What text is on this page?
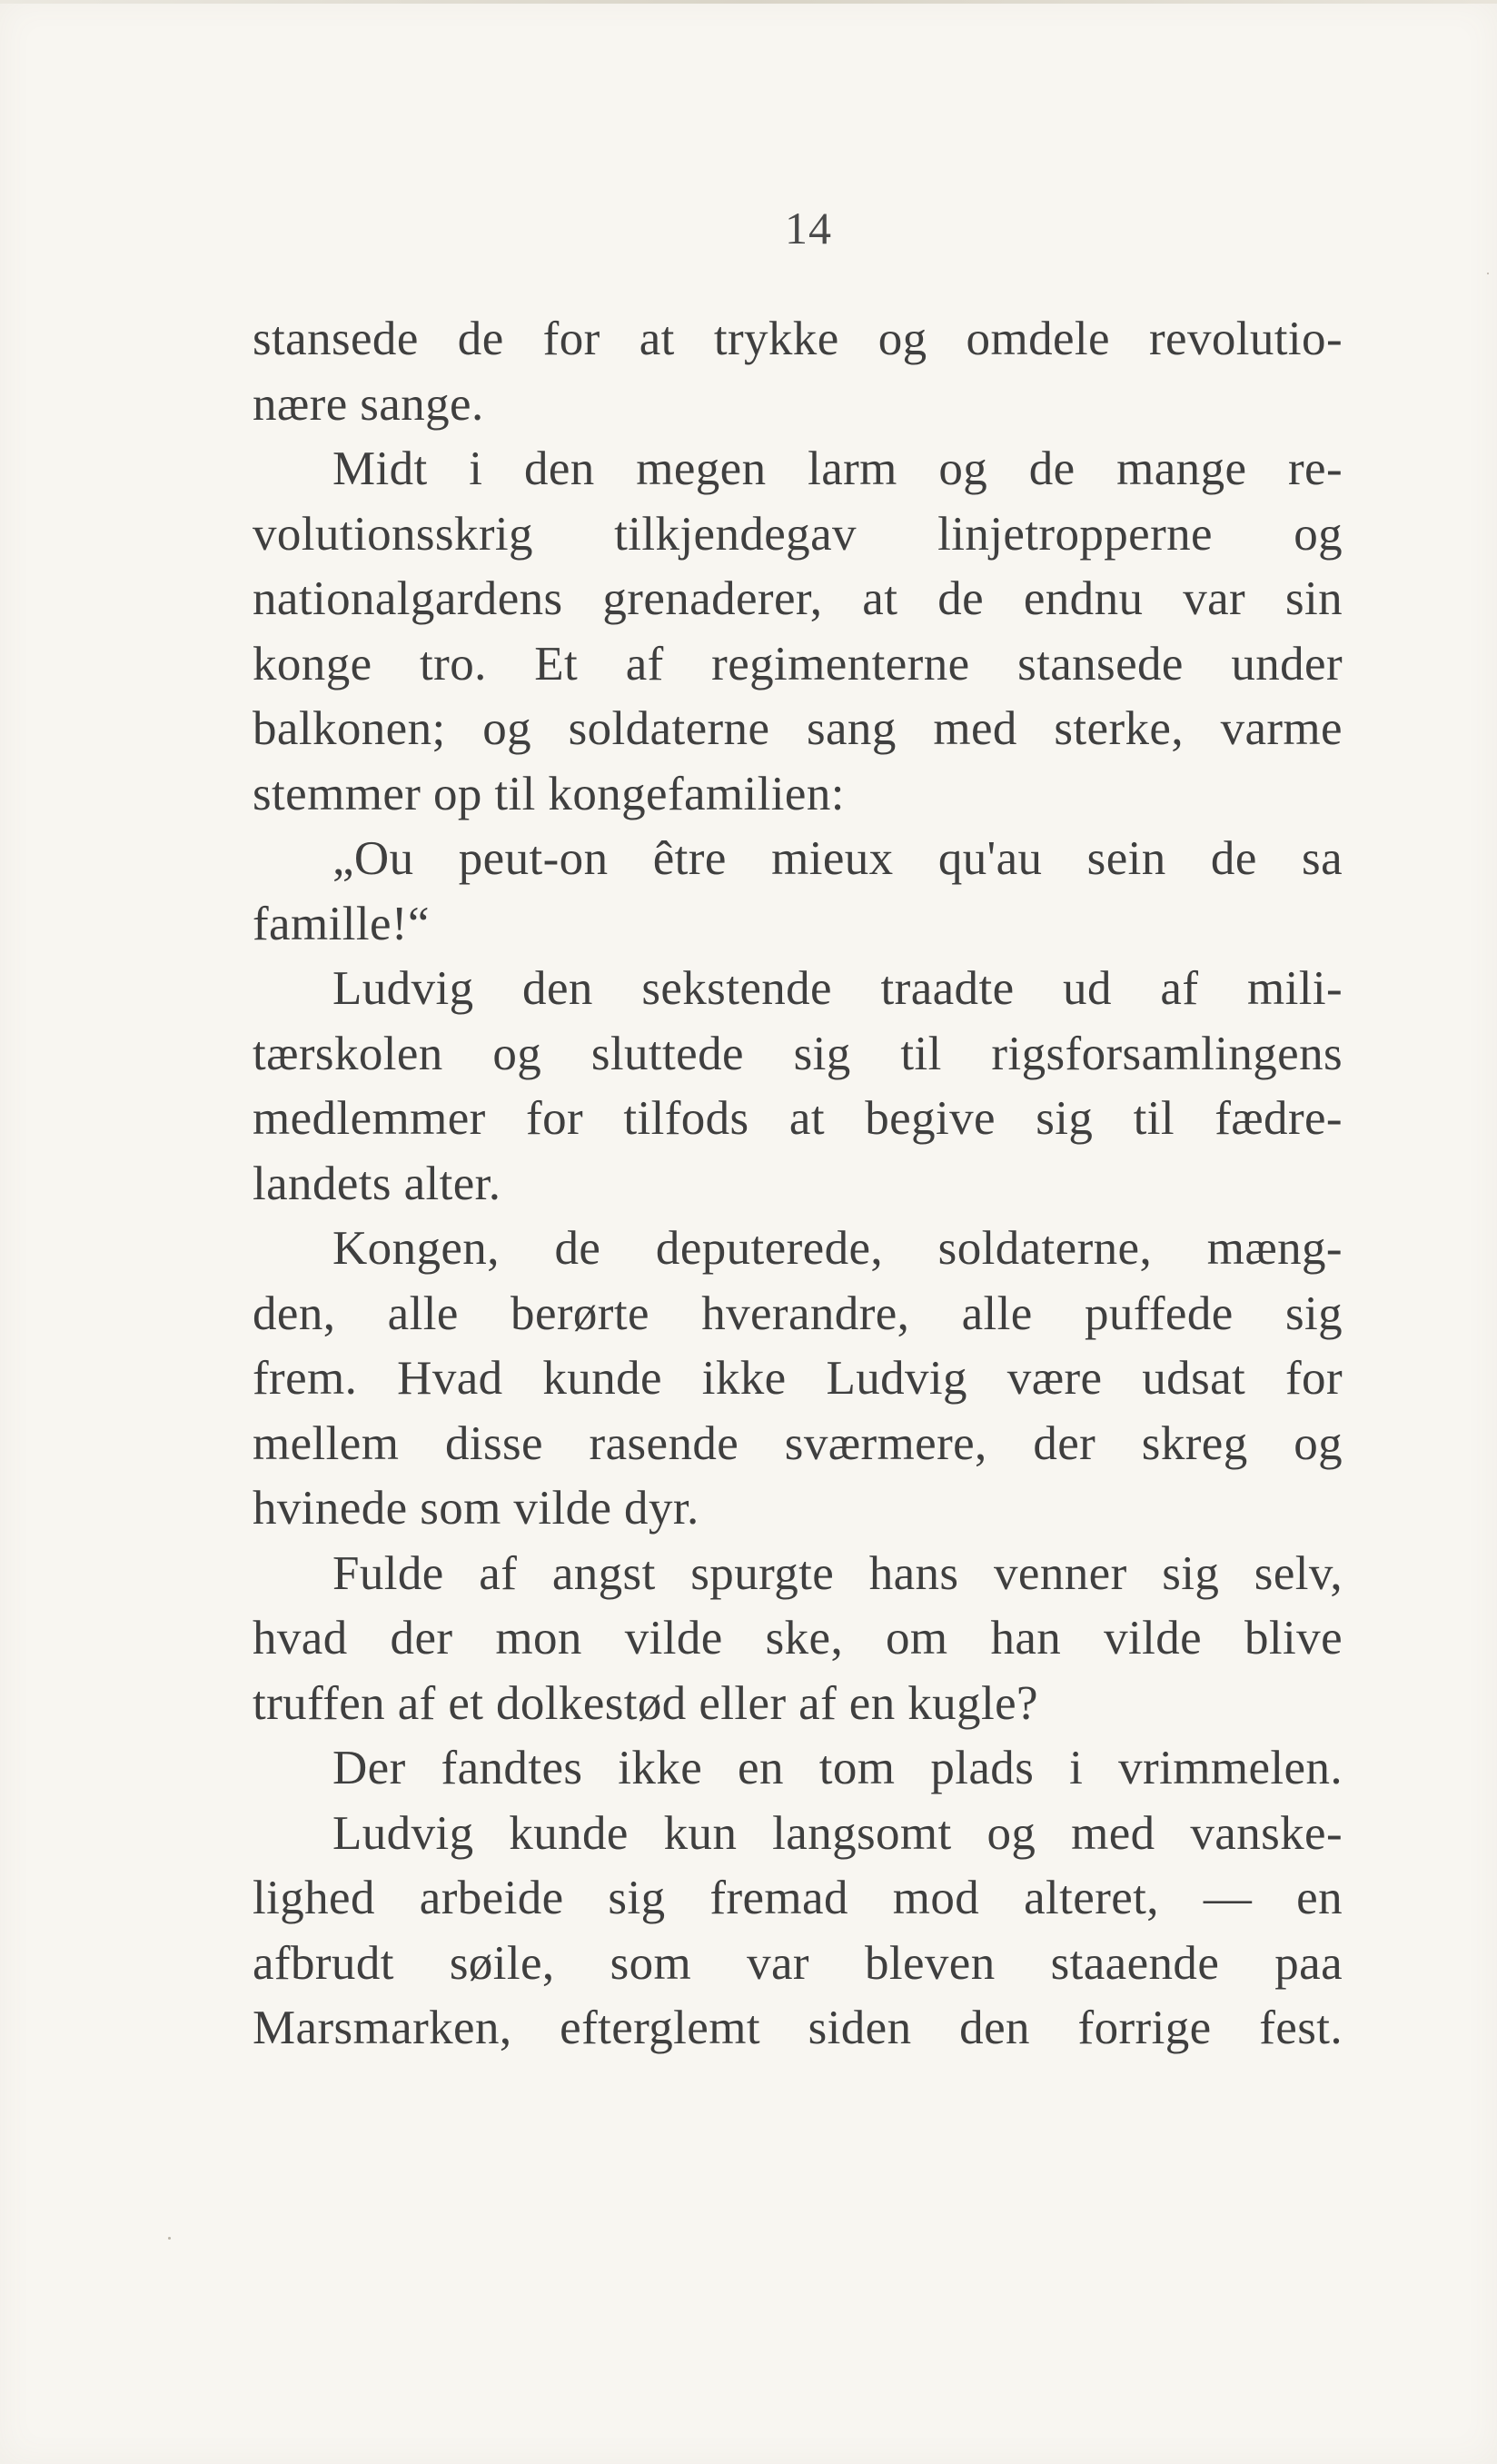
14
stansede de for at trykke og omdele revolutio-
nære sange.
Midt i den megen larm og de mange re-
volutionsskrig tilkjendegav linjetropperne og
nationalgardens grenaderer, at de endnu var sin
konge tro. Et af regimenterne stansede under
balkonen; og soldaterne sang med sterke, varme
stemmer op til kongefamilien:
„Ou peut-on être mieux qu'au sein de sa
famille!“
Ludvig den sekstende traadte ud af mili-
tærskolen og sluttede sig til rigsforsamlingens
medlemmer for tilfods at begive sig til fædre-
landets alter.
Kongen, de deputerede, soldaterne, mæng-
den, alle berørte hverandre, alle puffede sig
frem. Hvad kunde ikke Ludvig være udsat for
mellem disse rasende sværmere, der skreg og
hvinede som vilde dyr.
Fulde af angst spurgte hans venner sig selv,
hvad der mon vilde ske, om han vilde blive
truffen af et dolkestød eller af en kugle?
Der fandtes ikke en tom plads i vrimmelen.
Ludvig kunde kun langsomt og med vanske-
lighed arbeide sig fremad mod alteret, — en
afbrudt søile, som var bleven staaende paa
Marsmarken, efterglemt siden den forrige fest.
